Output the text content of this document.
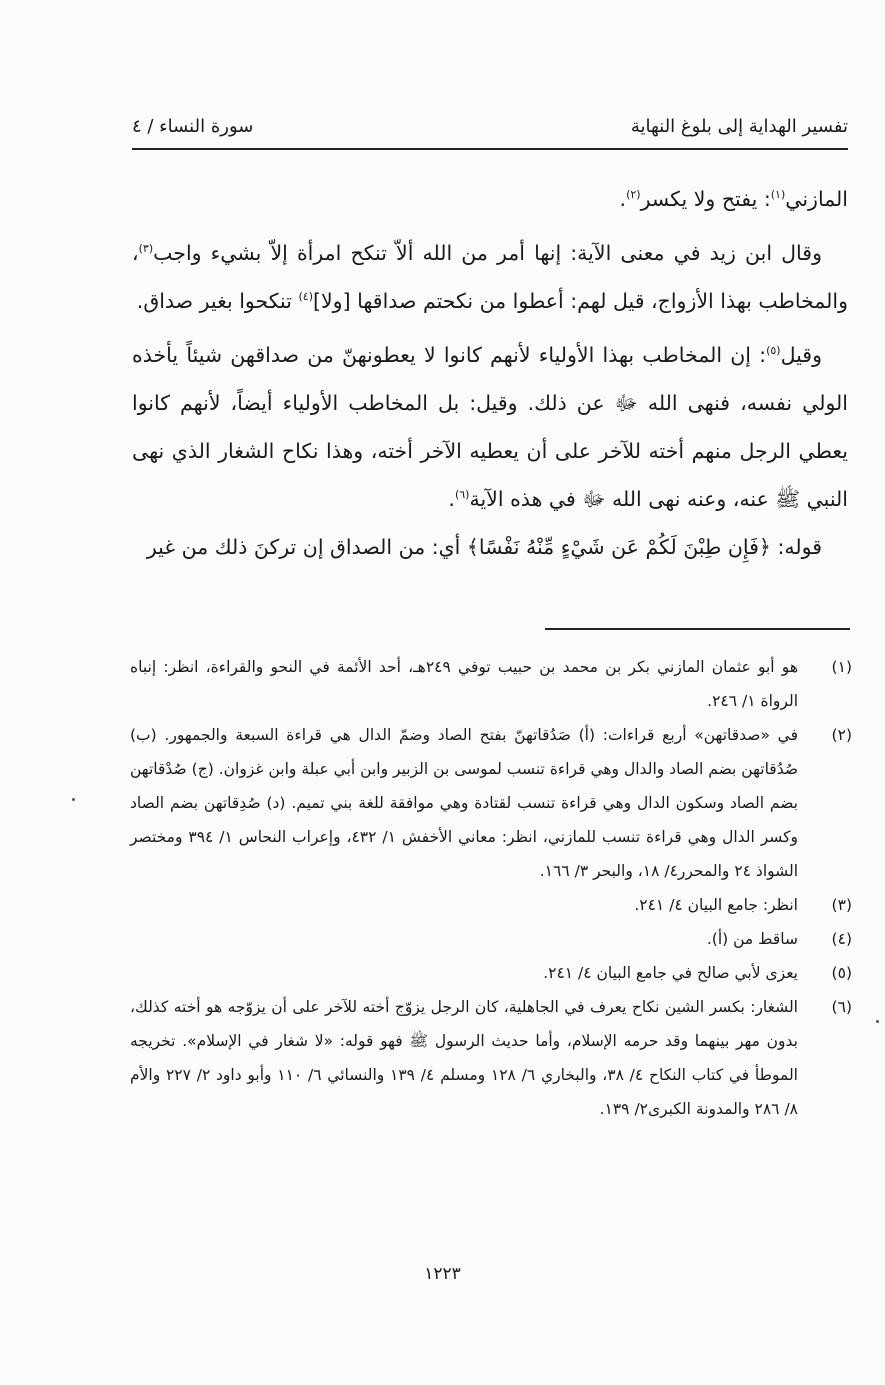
تفسير الهداية إلى بلوغ النهاية
سورة النساء / ٤

المازني$^{(١)}$: يفتح ولا يكسر$^{(٢)}$.

وقال ابن زيد في معنى الآية: إنها أمر من الله ألاّ تنكح امرأة إلاّ بشيء واجب$^{(٣)}$، والمخاطب بهذا الأزواج، قيل لهم: أعطوا من نكحتم صداقها [ولا]$^{(٤)}$ تنكحوا بغير صداق.

وقيل$^{(٥)}$: إن المخاطب بهذا الأولياء لأنهم كانوا لا يعطونهنّ من صداقهن شيئاً يأخذه الولي نفسه، فنهى الله ﷻ عن ذلك. وقيل: بل المخاطب الأولياء أيضاً، لأنهم كانوا يعطي الرجل منهم أخته للآخر على أن يعطيه الآخر أخته، وهذا نكاح الشغار الذي نهى النبي ﷺ عنه، وعنه نهى الله ﷻ في هذه الآية$^{(٦)}$.

قوله: ﴿فَإِن طِبْنَ لَكُمْ عَن شَيْءٍ مِّنْهُ نَفْسًا﴾ أي: من الصداق إن تركنَ ذلك من غير

(١)
هو أبو عثمان المازني بكر بن محمد بن حبيب توفي ٢٤٩هـ، أحد الأئمة في النحو والقراءة، انظر: إنباه الرواة ١/ ٢٤٦.
(٢)
في «صدقاتهن» أربع قراءات: (أ) صَدُقاتهنّ بفتح الصاد وضمّ الدال هي قراءة السبعة والجمهور. (ب) صُدُقاتهن بضم الصاد والدال وهي قراءة تنسب لموسى بن الزبير وابن أبي عبلة وابن غزوان. (ج) صُدْقاتهن بضم الصاد وسكون الدال وهي قراءة تنسب لقتادة وهي موافقة للغة بني تميم. (د) صُدِقاتهن بضم الصاد وكسر الدال وهي قراءة تنسب للمازني، انظر: معاني الأخفش ١/ ٤٣٢، وإعراب النحاس ١/ ٣٩٤ ومختصر الشواذ ٢٤ والمحرر٤/ ١٨، والبحر ٣/ ١٦٦.
(٣)
انظر: جامع البيان ٤/ ٢٤١.
(٤)
ساقط من (أ).
(٥)
يعزى لأبي صالح في جامع البيان ٤/ ٢٤١.
(٦)
الشغار: بكسر الشين نكاح يعرف في الجاهلية، كان الرجل يزوّج أخته للآخر على أن يزوّجه هو أخته كذلك، بدون مهر بينهما وقد حرمه الإسلام، وأما حديث الرسول ﷺ فهو قوله: «لا شغار في الإسلام». تخريجه الموطأ في كتاب النكاح ٤/ ٣٨، والبخاري ٦/ ١٢٨ ومسلم ٤/ ١٣٩ والنسائي ٦/ ١١٠ وأبو داود ٢/ ٢٢٧ والأم ٨/ ٢٨٦ والمدونة الكبرى٢/ ١٣٩.
١٢٢٣
